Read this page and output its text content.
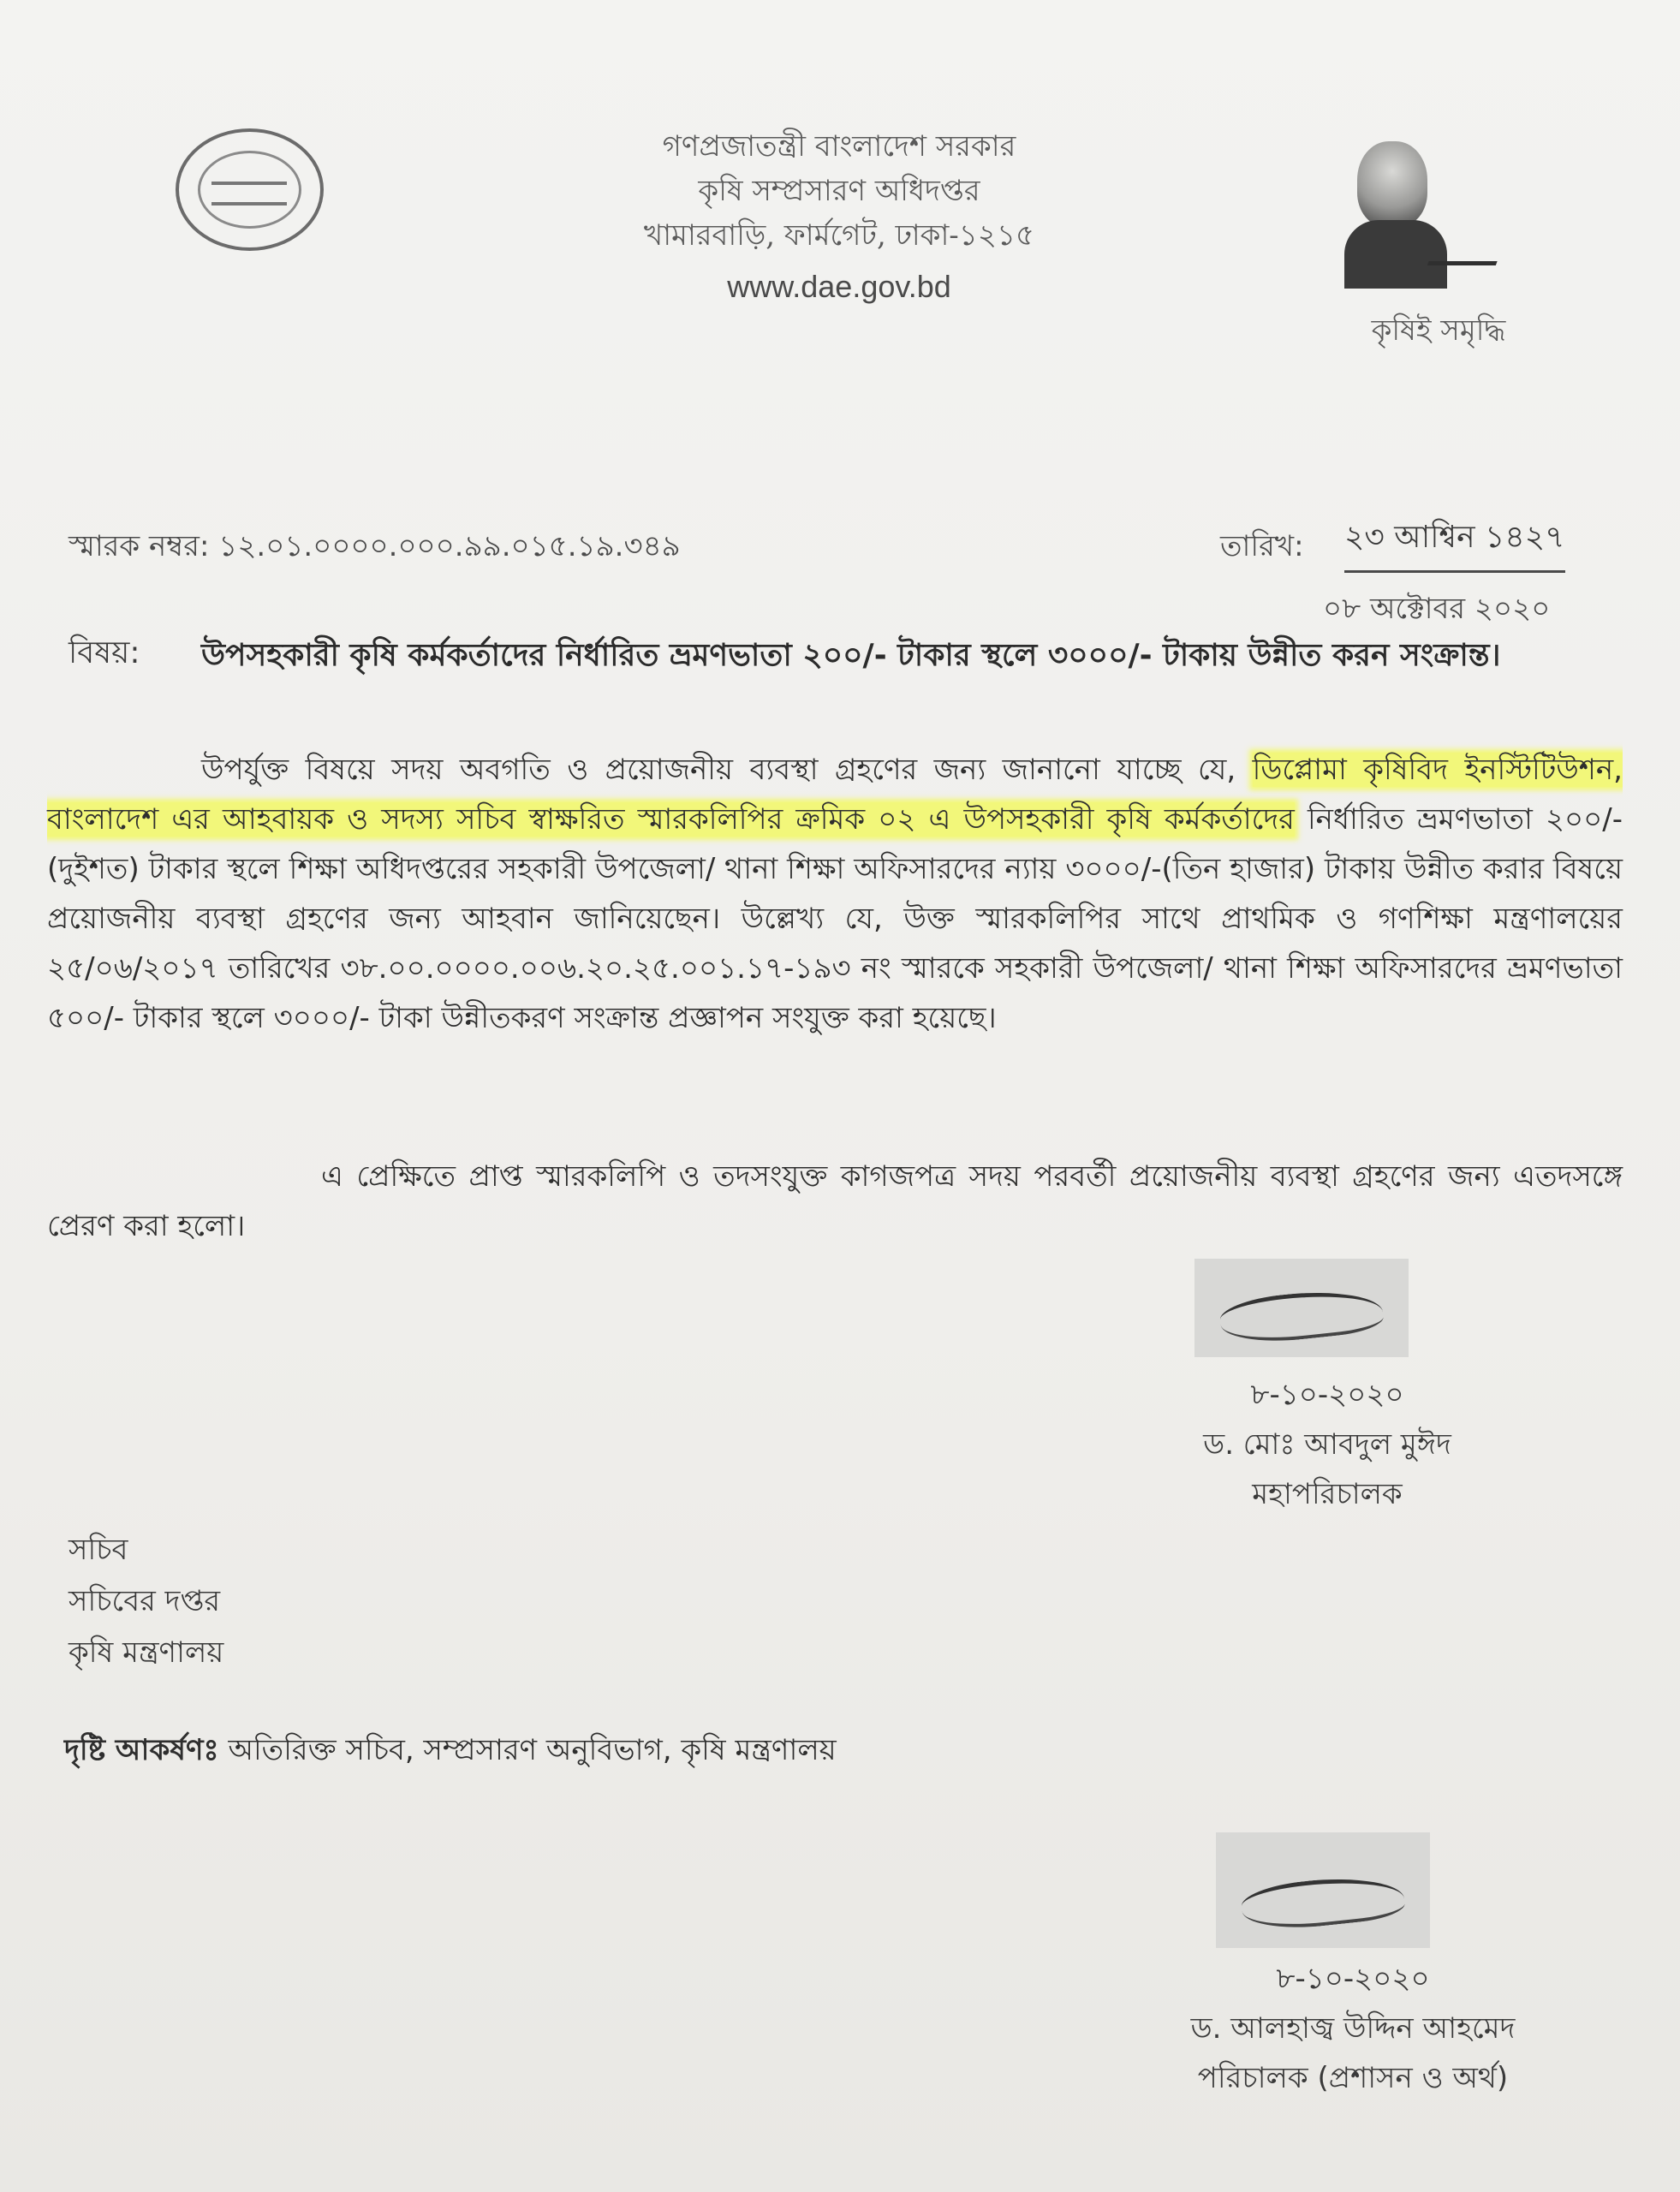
গণপ্রজাতন্ত্রী বাংলাদেশ সরকার
কৃষি সম্প্রসারণ অধিদপ্তর
খামারবাড়ি, ফার্মগেট, ঢাকা-১২১৫
www.dae.gov.bd
কৃষিই সমৃদ্ধি
স্মারক নম্বর: ১২.০১.০০০০.০০০.৯৯.০১৫.১৯.৩৪৯	তারিখ: ২৩ আশ্বিন ১৪২৭
০৮ অক্টোবর ২০২০
বিষয়: উপসহকারী কৃষি কর্মকর্তাদের নির্ধারিত ভ্রমণভাতা ২০০/- টাকার স্থলে ৩০০০/- টাকায় উন্নীত করন সংক্রান্ত।
উপর্যুক্ত বিষয়ে সদয় অবগতি ও প্রয়োজনীয় ব্যবস্থা গ্রহণের জন্য জানানো যাচ্ছে যে, ডিপ্লোমা কৃষিবিদ ইনস্টিটিউশন, বাংলাদেশ এর আহবায়ক ও সদস্য সচিব স্বাক্ষরিত স্মারকলিপির ক্রমিক ০২ এ উপসহকারী কৃষি কর্মকর্তাদের নির্ধারিত ভ্রমণভাতা ২০০/- (দুইশত) টাকার স্থলে শিক্ষা অধিদপ্তরের সহকারী উপজেলা/ থানা শিক্ষা অফিসারদের ন্যায় ৩০০০/-(তিন হাজার) টাকায় উন্নীত করার বিষয়ে প্রয়োজনীয় ব্যবস্থা গ্রহণের জন্য আহবান জানিয়েছেন। উল্লেখ্য যে, উক্ত স্মারকলিপির সাথে প্রাথমিক ও গণশিক্ষা মন্ত্রণালয়ের ২৫/০৬/২০১৭ তারিখের ৩৮.০০.০০০০.০০৬.২০.২৫.০০১.১৭-১৯৩ নং স্মারকে সহকারী উপজেলা/ থানা শিক্ষা অফিসারদের ভ্রমণভাতা ৫০০/- টাকার স্থলে ৩০০০/- টাকা উন্নীতকরণ সংক্রান্ত প্রজ্ঞাপন সংযুক্ত করা হয়েছে।
এ প্রেক্ষিতে প্রাপ্ত স্মারকলিপি ও তদসংযুক্ত কাগজপত্র সদয় পরবর্তী প্রয়োজনীয় ব্যবস্থা গ্রহণের জন্য এতদসঙ্গে প্রেরণ করা হলো।
৮-১০-২০২০
ড. মোঃ আবদুল মুঈদ
মহাপরিচালক
সচিব
সচিবের দপ্তর
কৃষি মন্ত্রণালয়
দৃষ্টি আকর্ষণঃ অতিরিক্ত সচিব, সম্প্রসারণ অনুবিভাগ, কৃষি মন্ত্রণালয়
৮-১০-২০২০
ড. আলহাজ্ব উদ্দিন আহমেদ
পরিচালক (প্রশাসন ও অর্থ)
